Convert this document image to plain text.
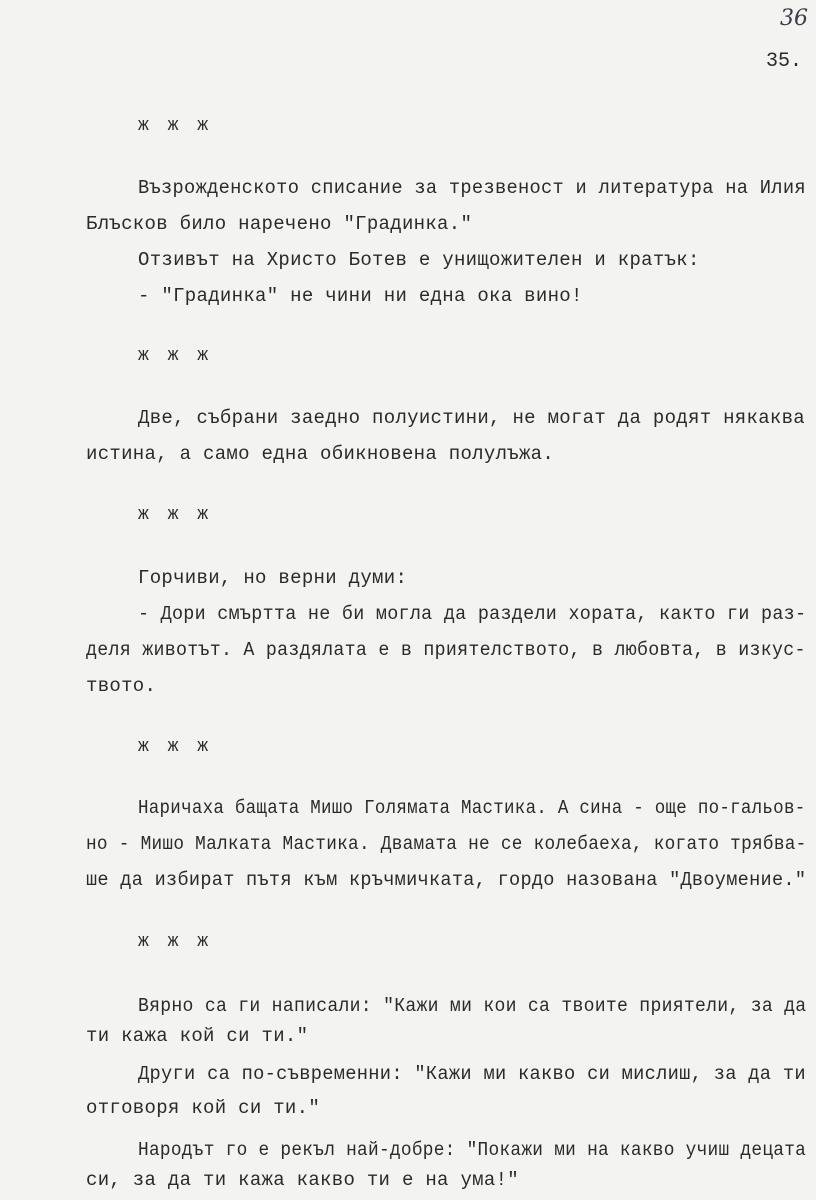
36
35.
ж ж ж
Възрожденското списание за трезвеност и литература на Илия
Блъсков било наречено "Градинка."
Отзивът на Христо Ботев е унищожителен и кратък:
- "Градинка" не чини ни една ока вино!
ж ж ж
Две, събрани заедно полуистини, не могат да родят някаква
истина, а само една обикновена полулъжа.
ж ж ж
Горчиви, но верни думи:
- Дори смъртта не би могла да раздели хората, както ги раз-
деля животът. А раздялата е в приятелството, в любовта, в изкус-
твото.
ж ж ж
Наричаха бащата Мишо Голямата Мастика. А сина - още по-гальов-
но - Мишо Малката Мастика. Двамата не се колебаеха, когато трябва-
ше да избират пътя към кръчмичката, гордо назована "Двоумение."
ж ж ж
Вярно са ги написали: "Кажи ми кои са твоите приятели, за да
ти кажа кой си ти."
Други са по-съвременни: "Кажи ми какво си мислиш, за да ти
отговоря кой си ти."
Народът го е рекъл най-добре: "Покажи ми на какво учиш децата
си, за да ти кажа какво ти е на ума!"
